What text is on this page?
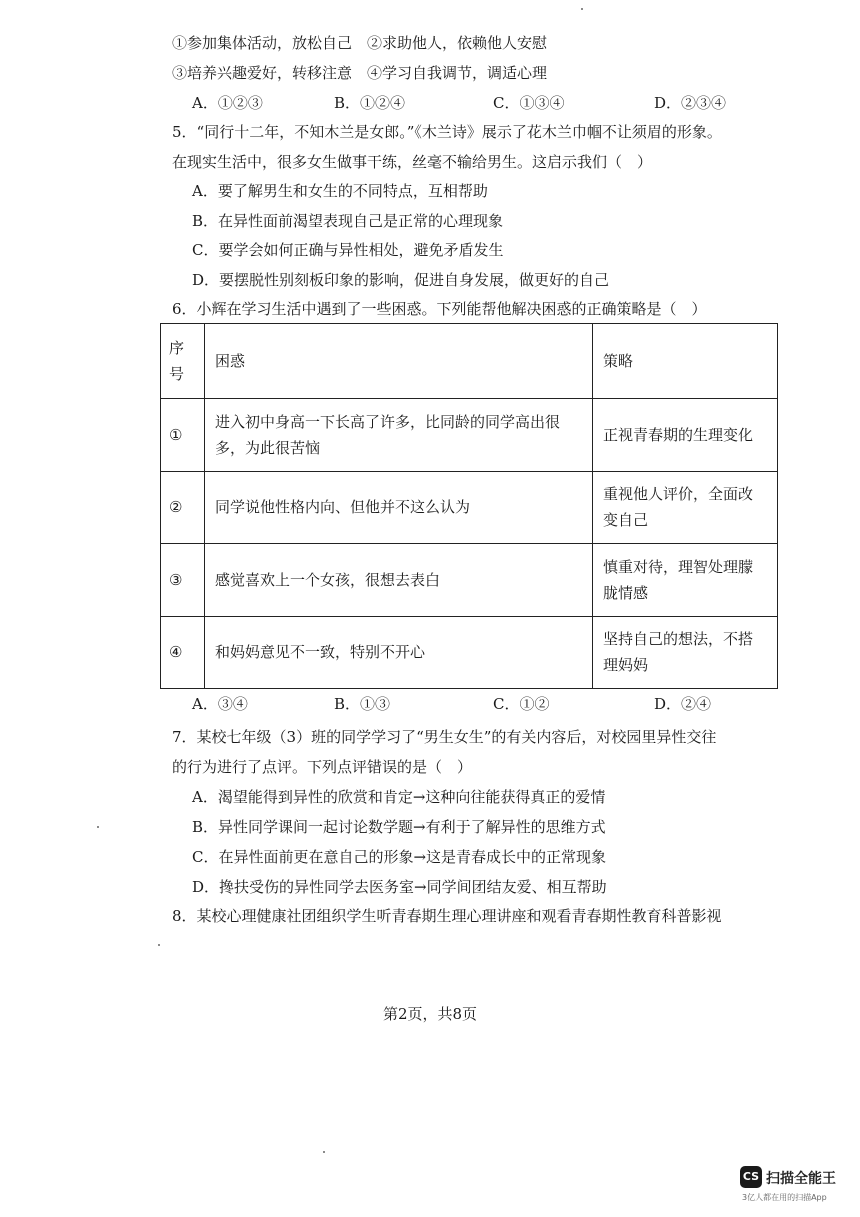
①参加集体活动，放松自己　②求助他人，依赖他人安慰
③培养兴趣爱好，转移注意　④学习自我调节，调适心理
A．①②③	B．①②④	C．①③④	D．②③④
5．“同行十二年，不知木兰是女郎。”《木兰诗》展示了花木兰巾帼不让须眉的形象。
在现实生活中，很多女生做事干练，丝毫不输给男生。这启示我们（　）
A．要了解男生和女生的不同特点，互相帮助
B．在异性面前渴望表现自己是正常的心理现象
C．要学会如何正确与异性相处，避免矛盾发生
D．要摆脱性别刻板印象的影响，促进自身发展，做更好的自己
6．小辉在学习生活中遇到了一些困惑。下列能帮他解决困惑的正确策略是（　）
序号	困惑	策略
①	进入初中身高一下长高了许多，比同龄的同学高出很多，为此很苦恼	正视青春期的生理变化
②	同学说他性格内向、但他并不这么认为	重视他人评价，全面改变自己
③	感觉喜欢上一个女孩，很想去表白	慎重对待，理智处理朦胧情感
④	和妈妈意见不一致，特别不开心	坚持自己的想法，不搭理妈妈
A．③④	B．①③	C．①②	D．②④
7．某校七年级（3）班的同学学习了“男生女生”的有关内容后，对校园里异性交往
的行为进行了点评。下列点评错误的是（　）
A．渴望能得到异性的欣赏和肯定→这种向往能获得真正的爱情
B．异性同学课间一起讨论数学题→有利于了解异性的思维方式
C．在异性面前更在意自己的形象→这是青春成长中的正常现象
D．搀扶受伤的异性同学去医务室→同学间团结友爱、相互帮助
8．某校心理健康社团组织学生听青春期生理心理讲座和观看青春期性教育科普影视
第2页，共8页
CS 扫描全能王
3亿人都在用的扫描App
